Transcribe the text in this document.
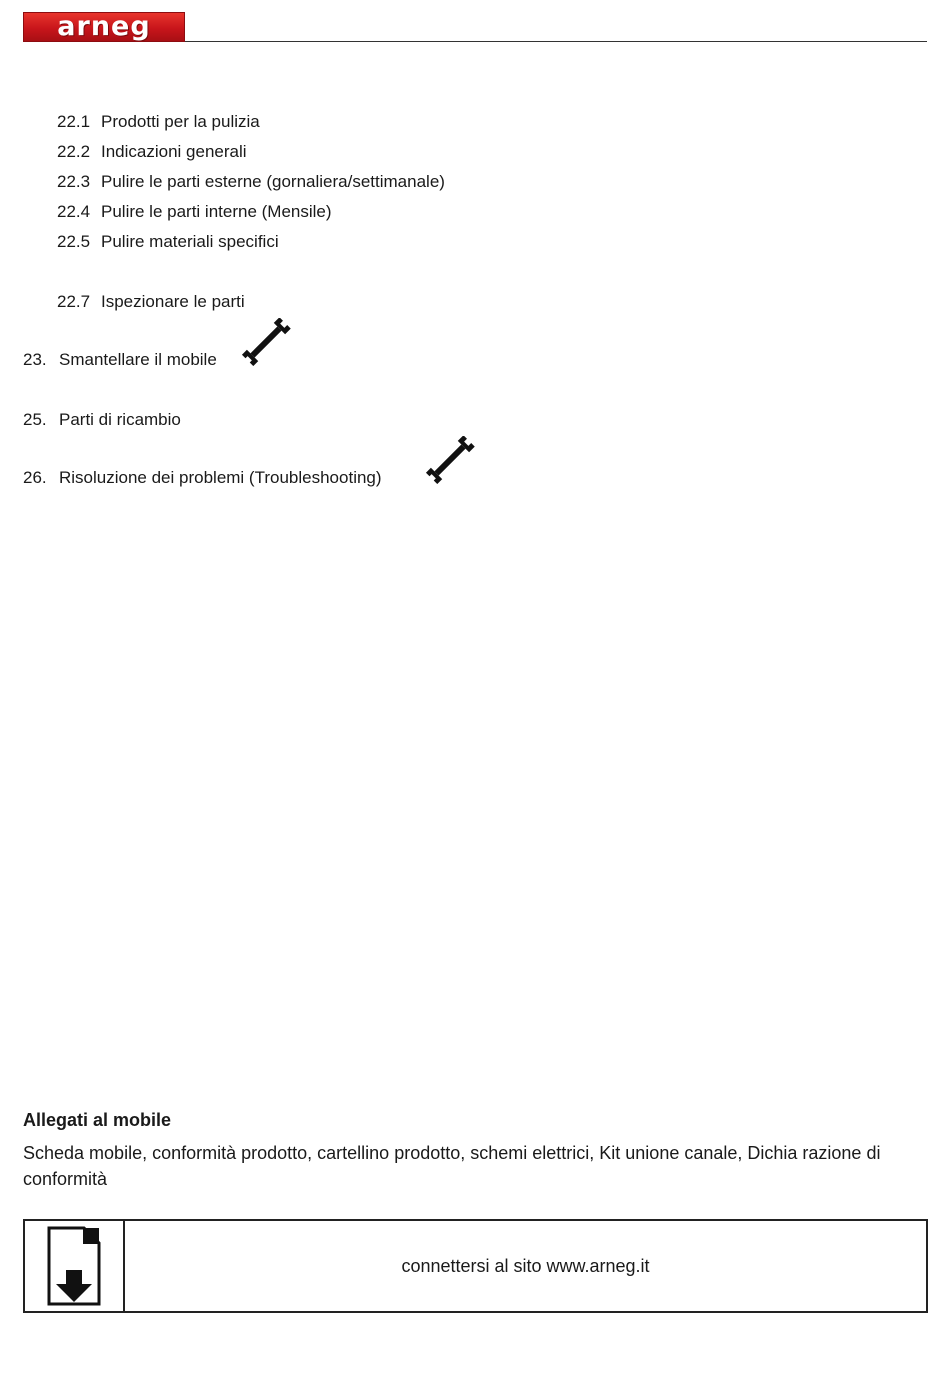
arneg
22.1 Prodotti per la pulizia
22.2 Indicazioni generali
22.3 Pulire le parti esterne (gornaliera/settimanale)
22.4 Pulire le parti interne (Mensile)
22.5 Pulire materiali specifici
22.7 Ispezionare le parti
23. Smantellare il mobile
25. Parti di ricambio
26. Risoluzione dei problemi (Troubleshooting)
Allegati al mobile
Scheda mobile, conformità prodotto, cartellino prodotto, schemi elettrici, Kit unione canale, Dichia razione di conformità
connettersi al sito www.arneg.it
